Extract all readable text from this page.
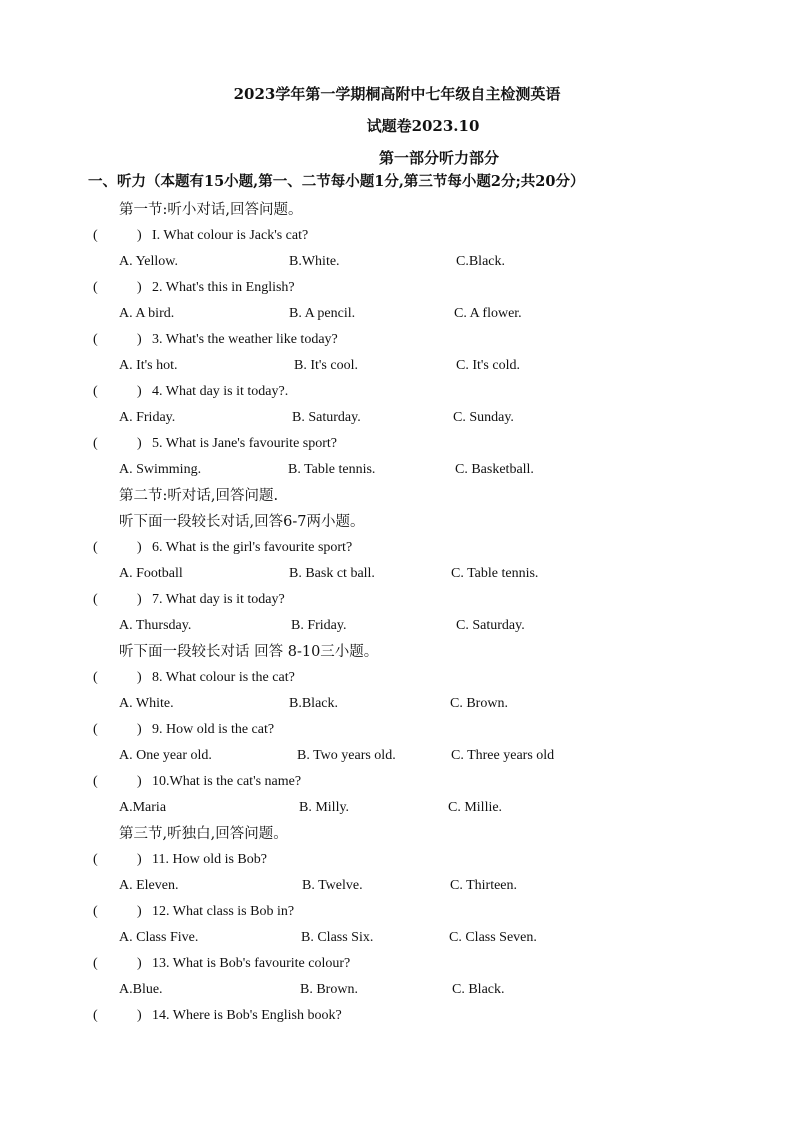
2023学年第一学期桐高附中七年级自主检测英语
试题卷2023.10
第一部分听力部分
一、听力（本题有15小题,第一、二节每小题1分,第三节每小题2分;共20分）
第一节:听小对话,回答问题。
(	) I. What colour is Jack's cat?
A. Yellow.	B.White.	C.Black.
(	) 2. What's this in English?
A. A bird.	B. A pencil.	C. A flower.
(	) 3. What's the weather like today?
A. It's hot.	B. It's cool.	C. It's cold.
(	) 4. What day is it today?.
A. Friday.	B. Saturday.	C. Sunday.
(	) 5. What is Jane's favourite sport?
A. Swimming.	B. Table tennis.	C. Basketball.
第二节:听对话,回答问题.
听下面一段较长对话,回答6-7两小题。
(	) 6. What is the girl's favourite sport?
A. Football	B. Bask ct ball.	C. Table tennis.
(	) 7. What day is it today?
A. Thursday.	B. Friday.	C. Saturday.
听下面一段较长对话 回答 8-10三小题。
(	) 8. What colour is the cat?
A. White.	B.Black.	C. Brown.
(	) 9. How old is the cat?
A. One year old.	B. Two years old.	C. Three years old
(	) 10.What is the cat's name?
A.Maria	B. Milly.	C. Millie.
第三节,听独白,回答问题。
(	) 11. How old is Bob?
A. Eleven.	B. Twelve.	C. Thirteen.
(	) 12. What class is Bob in?
A. Class Five.	B. Class Six.	C. Class Seven.
(	) 13. What is Bob's favourite colour?
A.Blue.	B. Brown.	C. Black.
(	) 14. Where is Bob's English book?
